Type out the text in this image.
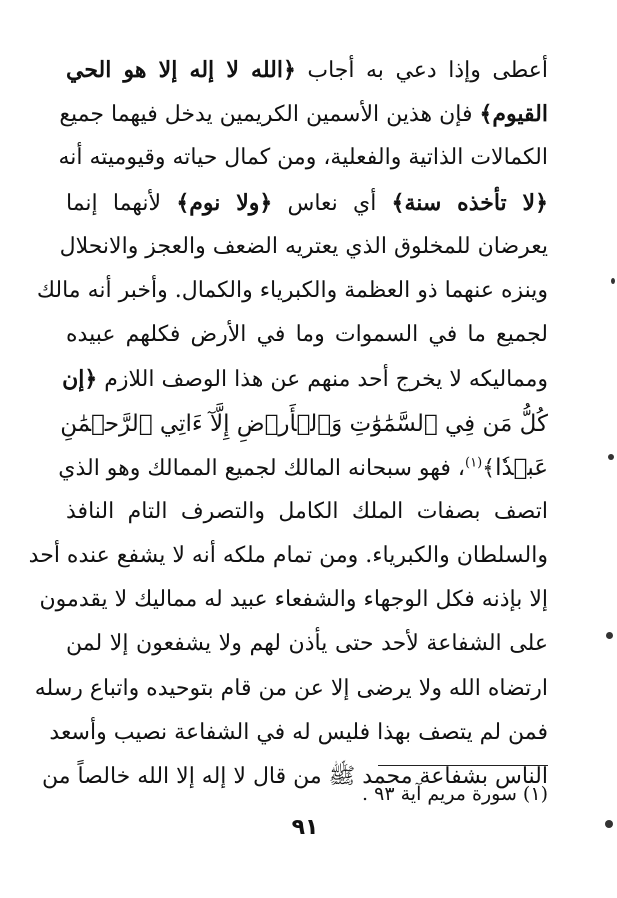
أعطى وإذا دعي به أجاب ﴿الله لا إله إلا هو الحي
القيوم﴾ فإن هذين الأسمين الكريمين يدخل فيهما جميع
الكمالات الذاتية والفعلية، ومن كمال حياته وقيوميته أنه
﴿لا تأخذه سنة﴾ أي نعاس ﴿ولا نوم﴾ لأنهما إنما
يعرضان للمخلوق الذي يعتريه الضعف والعجز والانحلال
وينزه عنهما ذو العظمة والكبرياء والكمال. وأخبر أنه مالك
لجميع ما في السموات وما في الأرض فكلهم عبيده
ومماليكه لا يخرج أحد منهم عن هذا الوصف اللازم ﴿إن
كُلُّ مَن فِي ٱلسَّمَٰوَٰتِ وَٱلۡأَرۡضِ إِلَّآ ءَاتِي ٱلرَّحۡمَٰنِ
عَبۡدٗا﴾$^{(١)}$، فهو سبحانه المالك لجميع الممالك وهو الذي
اتصف بصفات الملك الكامل والتصرف التام النافذ
والسلطان والكبرياء. ومن تمام ملكه أنه لا يشفع عنده أحد
إلا بإذنه فكل الوجهاء والشفعاء عبيد له مماليك لا يقدمون
على الشفاعة لأحد حتى يأذن لهم ولا يشفعون إلا لمن
ارتضاه الله ولا يرضى إلا عن من قام بتوحيده واتباع رسله
فمن لم يتصف بهذا فليس له في الشفاعة نصيب وأسعد
الناس بشفاعة محمد ﷺ من قال لا إله إلا الله خالصاً من
(١) سورة مريم آية ٩٣ .
٩١
